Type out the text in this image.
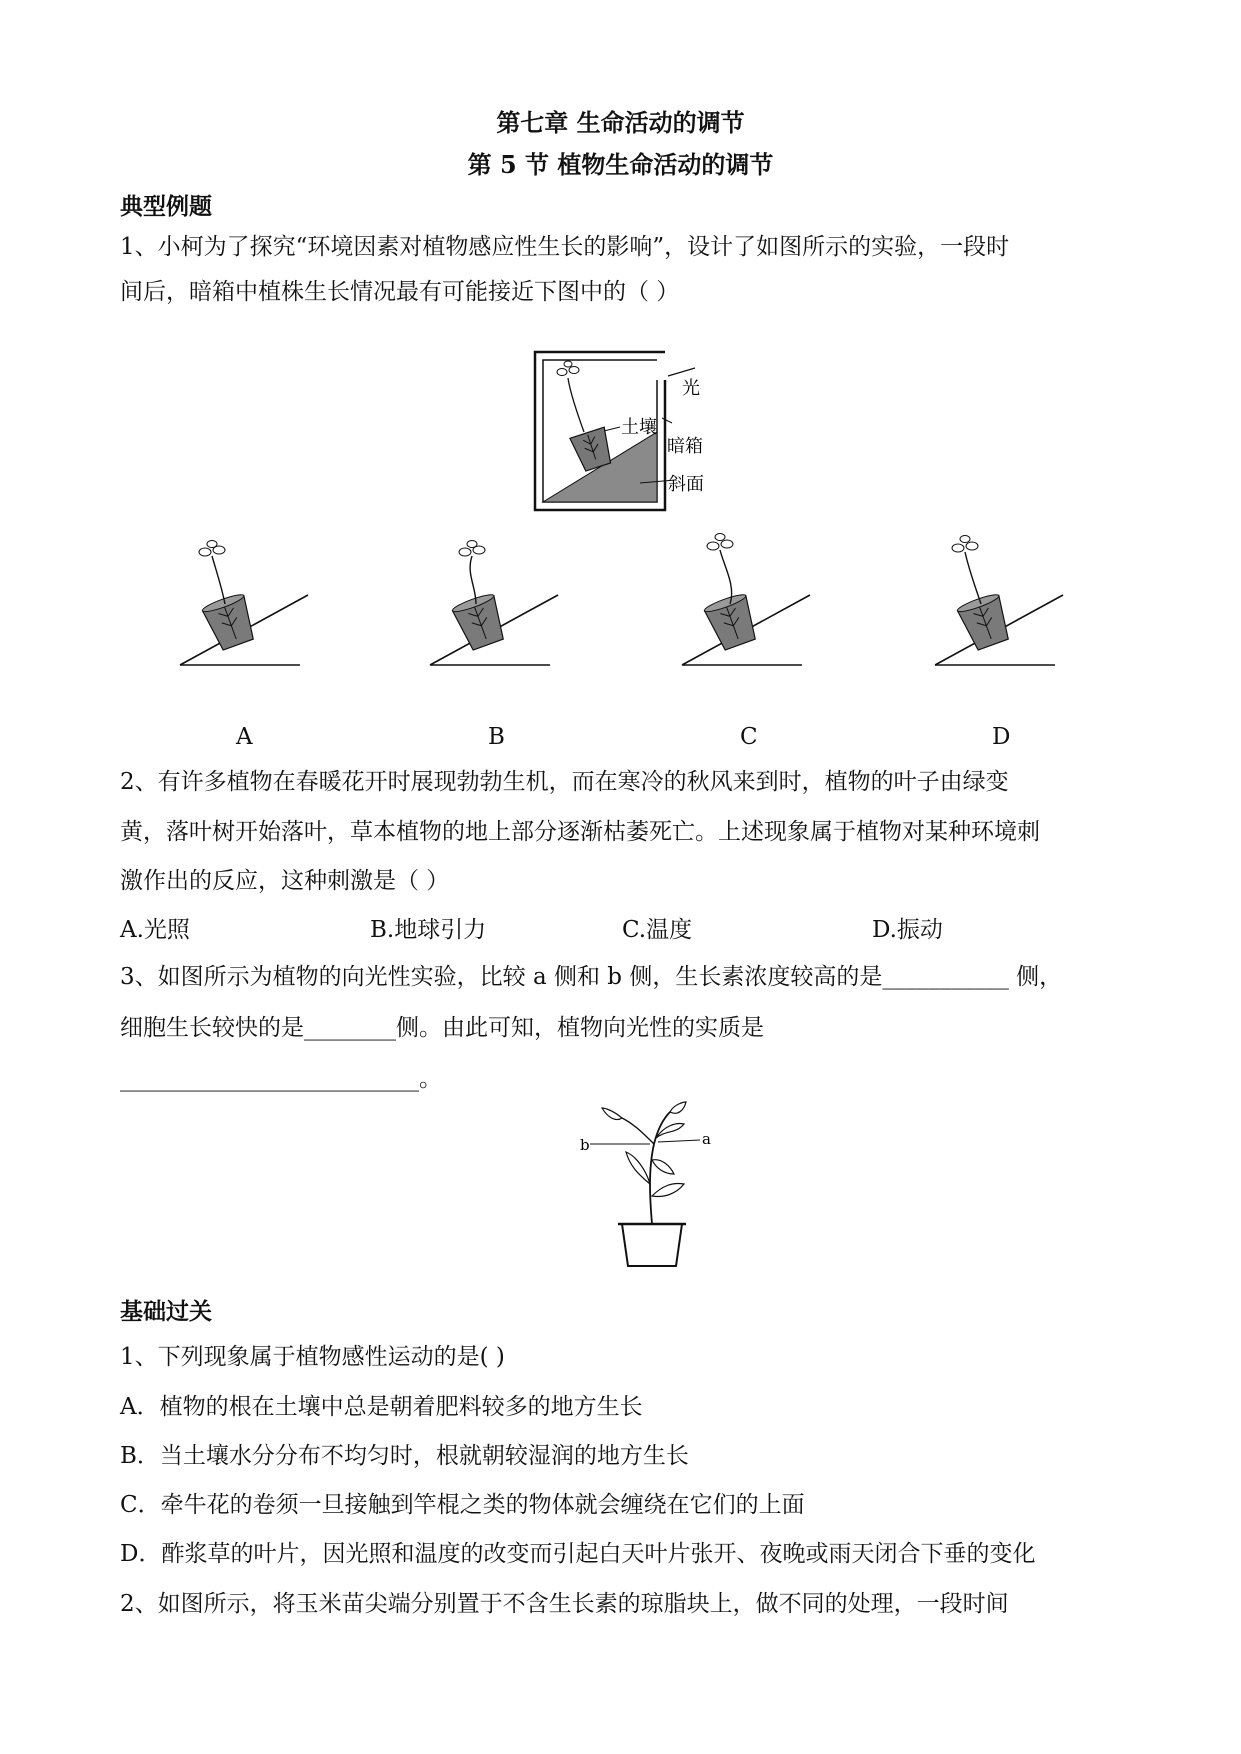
第七章 生命活动的调节
第 5 节 植物生命活动的调节
典型例题
1、小柯为了探究“环境因素对植物感应性生长的影响”，设计了如图所示的实验，一段时
间后，暗箱中植株生长情况最有可能接近下图中的（ ）
光
土壤
暗箱
斜面
A	B	C	D
2、有许多植物在春暖花开时展现勃勃生机，而在寒冷的秋风来到时，植物的叶子由绿变
黄，落叶树开始落叶，草本植物的地上部分逐渐枯萎死亡。上述现象属于植物对某种环境刺
激作出的反应，这种刺激是（ ）
A.光照	B.地球引力	C.温度	D.振动
3、如图所示为植物的向光性实验，比较 a 侧和 b 侧，生长素浓度较高的是___________ 侧，
细胞生长较快的是________侧。由此可知，植物向光性的实质是
__________________________。
b	a
基础过关
1、下列现象属于植物感性运动的是( )
A．植物的根在土壤中总是朝着肥料较多的地方生长
B．当土壤水分分布不均匀时，根就朝较湿润的地方生长
C．牵牛花的卷须一旦接触到竿棍之类的物体就会缠绕在它们的上面
D．酢浆草的叶片，因光照和温度的改变而引起白天叶片张开、夜晚或雨天闭合下垂的变化
2、如图所示，将玉米苗尖端分别置于不含生长素的琼脂块上，做不同的处理，一段时间
